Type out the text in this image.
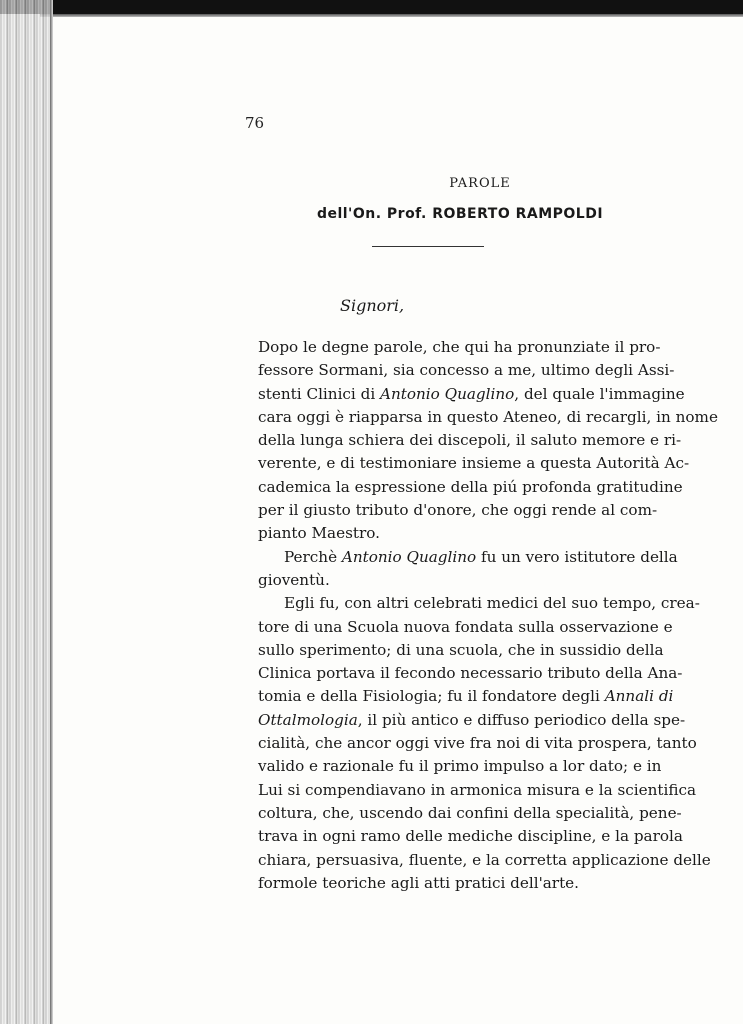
76
PAROLE
dell'On. Prof. ROBERTO RAMPOLDI
Signori,
Dopo le degne parole, che qui ha pronunziate il pro-
fessore Sormani, sia concesso a me, ultimo degli Assi-
stenti Clinici di Antonio Quaglino, del quale l'immagine
cara oggi è riapparsa in questo Ateneo, di recargli, in nome
della lunga schiera dei discepoli, il saluto memore e ri-
verente, e di testimoniare insieme a questa Autorità Ac-
cademica la espressione della piú profonda gratitudine
per il giusto tributo d'onore, che oggi rende al com-
pianto Maestro.
Perchè Antonio Quaglino fu un vero istitutore della
gioventù.
Egli fu, con altri celebrati medici del suo tempo, crea-
tore di una Scuola nuova fondata sulla osservazione e
sullo sperimento; di una scuola, che in sussidio della
Clinica portava il fecondo necessario tributo della Ana-
tomia e della Fisiologia; fu il fondatore degli Annali di
Ottalmologia, il più antico e diffuso periodico della spe-
cialità, che ancor oggi vive fra noi di vita prospera, tanto
valido e razionale fu il primo impulso a lor dato; e in
Lui si compendiavano in armonica misura e la scientifica
coltura, che, uscendo dai confini della specialità, pene-
trava in ogni ramo delle mediche discipline, e la parola
chiara, persuasiva, fluente, e la corretta applicazione delle
formole teoriche agli atti pratici dell'arte.
